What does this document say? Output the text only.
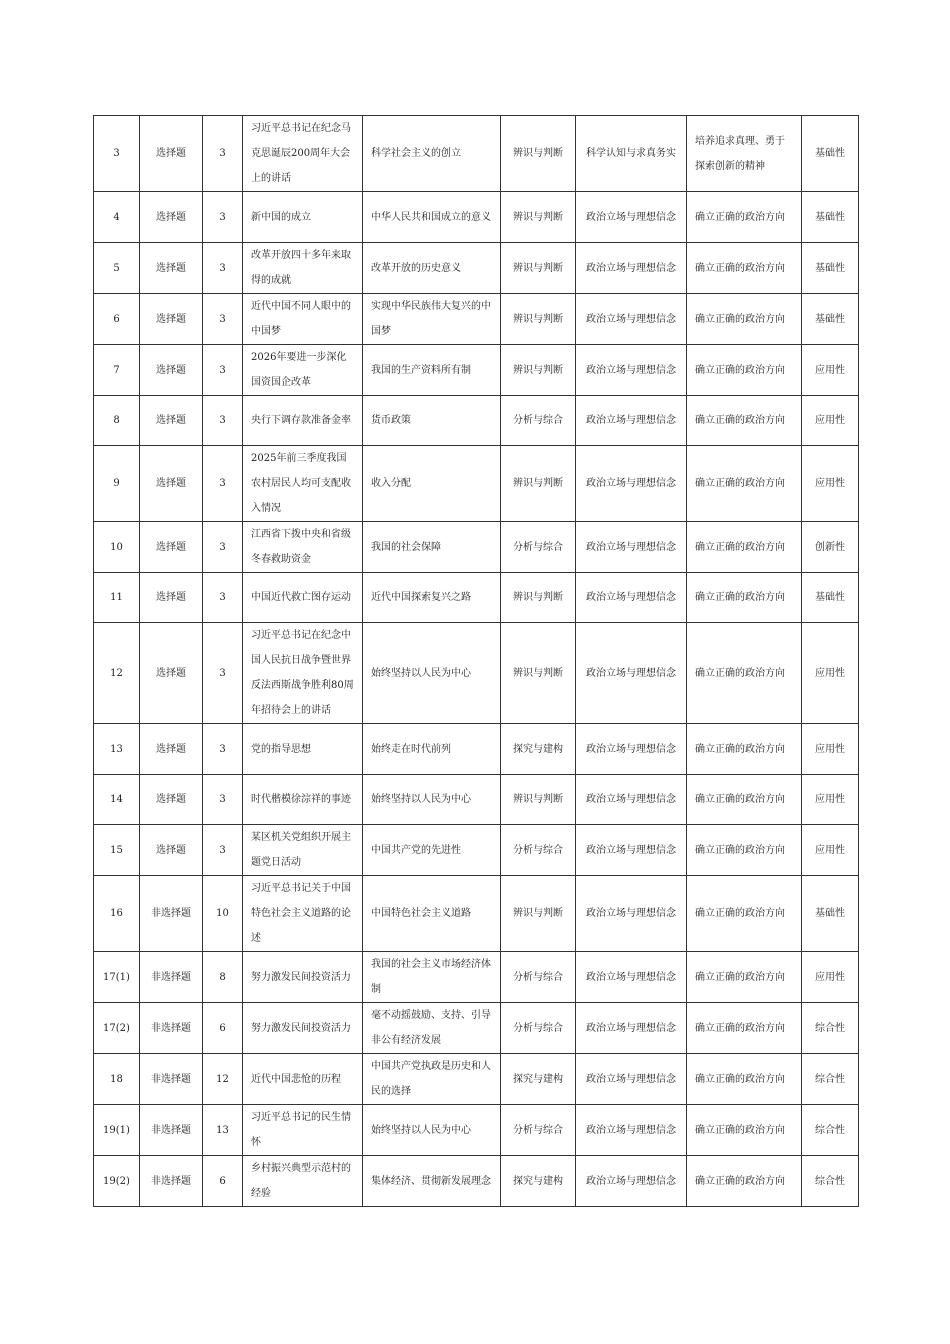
3	选择题	3	习近平总书记在纪念马克思诞辰200周年大会上的讲话	科学社会主义的创立	辨识与判断	科学认知与求真务实	培养追求真理、勇于探索创新的精神	基础性
4	选择题	3	新中国的成立	中华人民共和国成立的意义	辨识与判断	政治立场与理想信念	确立正确的政治方向	基础性
5	选择题	3	改革开放四十多年来取得的成就	改革开放的历史意义	辨识与判断	政治立场与理想信念	确立正确的政治方向	基础性
6	选择题	3	近代中国不同人眼中的中国梦	实现中华民族伟大复兴的中国梦	辨识与判断	政治立场与理想信念	确立正确的政治方向	基础性
7	选择题	3	2026年要进一步深化国资国企改革	我国的生产资料所有制	辨识与判断	政治立场与理想信念	确立正确的政治方向	应用性
8	选择题	3	央行下调存款准备金率	货币政策	分析与综合	政治立场与理想信念	确立正确的政治方向	应用性
9	选择题	3	2025年前三季度我国农村居民人均可支配收入情况	收入分配	辨识与判断	政治立场与理想信念	确立正确的政治方向	应用性
10	选择题	3	江西省下拨中央和省级冬春救助资金	我国的社会保障	分析与综合	政治立场与理想信念	确立正确的政治方向	创新性
11	选择题	3	中国近代救亡图存运动	近代中国探索复兴之路	辨识与判断	政治立场与理想信念	确立正确的政治方向	基础性
12	选择题	3	习近平总书记在纪念中国人民抗日战争暨世界反法西斯战争胜利80周年招待会上的讲话	始终坚持以人民为中心	辨识与判断	政治立场与理想信念	确立正确的政治方向	应用性
13	选择题	3	党的指导思想	始终走在时代前列	探究与建构	政治立场与理想信念	确立正确的政治方向	应用性
14	选择题	3	时代楷模徐淙祥的事迹	始终坚持以人民为中心	辨识与判断	政治立场与理想信念	确立正确的政治方向	应用性
15	选择题	3	某区机关党组织开展主题党日活动	中国共产党的先进性	分析与综合	政治立场与理想信念	确立正确的政治方向	应用性
16	非选择题	10	习近平总书记关于中国特色社会主义道路的论述	中国特色社会主义道路	辨识与判断	政治立场与理想信念	确立正确的政治方向	基础性
17(1)	非选择题	8	努力激发民间投资活力	我国的社会主义市场经济体制	分析与综合	政治立场与理想信念	确立正确的政治方向	应用性
17(2)	非选择题	6	努力激发民间投资活力	毫不动摇鼓励、支持、引导非公有经济发展	分析与综合	政治立场与理想信念	确立正确的政治方向	综合性
18	非选择题	12	近代中国悲怆的历程	中国共产党执政是历史和人民的选择	探究与建构	政治立场与理想信念	确立正确的政治方向	综合性
19(1)	非选择题	13	习近平总书记的民生情怀	始终坚持以人民为中心	分析与综合	政治立场与理想信念	确立正确的政治方向	综合性
19(2)	非选择题	6	乡村振兴典型示范村的经验	集体经济、贯彻新发展理念	探究与建构	政治立场与理想信念	确立正确的政治方向	综合性
